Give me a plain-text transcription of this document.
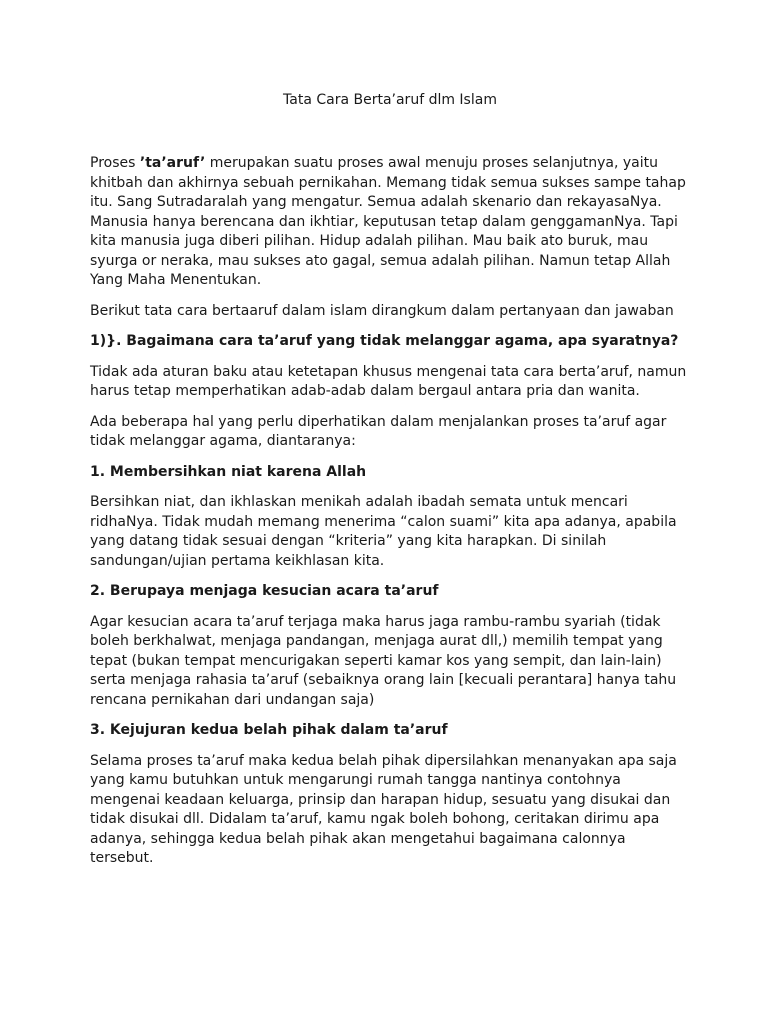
Tata Cara Berta’aruf dlm Islam

Proses ’ta’aruf’ merupakan suatu proses awal menuju proses selanjutnya, yaitu khitbah dan akhirnya sebuah pernikahan. Memang tidak semua sukses sampe tahap itu. Sang Sutradaralah yang mengatur. Semua adalah skenario dan rekayasaNya. Manusia hanya berencana dan ikhtiar, keputusan tetap dalam genggamanNya. Tapi kita manusia juga diberi pilihan. Hidup adalah pilihan. Mau baik ato buruk, mau syurga or neraka, mau sukses ato gagal, semua adalah pilihan. Namun tetap Allah Yang Maha Menentukan.

Berikut tata cara bertaaruf dalam islam dirangkum dalam pertanyaan dan jawaban

1)}. Bagaimana cara ta’aruf yang tidak melanggar agama, apa syaratnya?

Tidak ada aturan baku atau ketetapan khusus mengenai tata cara berta’aruf, namun harus tetap memperhatikan adab-adab dalam bergaul antara pria dan wanita.

Ada beberapa hal yang perlu diperhatikan dalam menjalankan proses ta’aruf agar tidak melanggar agama, diantaranya:

1. Membersihkan niat karena Allah

Bersihkan niat, dan ikhlaskan menikah adalah ibadah semata untuk mencari ridhaNya. Tidak mudah memang menerima “calon suami” kita apa adanya, apabila yang datang tidak sesuai dengan “kriteria” yang kita harapkan. Di sinilah sandungan/ujian pertama keikhlasan kita.

2. Berupaya menjaga kesucian acara ta’aruf

Agar kesucian acara ta’aruf terjaga maka harus jaga rambu-rambu syariah (tidak boleh berkhalwat, menjaga pandangan, menjaga aurat dll,) memilih tempat yang tepat (bukan tempat mencurigakan seperti kamar kos yang sempit, dan lain-lain) serta menjaga rahasia ta’aruf (sebaiknya orang lain [kecuali perantara] hanya tahu rencana pernikahan dari undangan saja)

3. Kejujuran kedua belah pihak dalam ta’aruf

Selama proses ta’aruf maka kedua belah pihak dipersilahkan menanyakan apa saja yang kamu butuhkan untuk mengarungi rumah tangga nantinya contohnya mengenai keadaan keluarga, prinsip dan harapan hidup, sesuatu yang disukai dan tidak disukai dll. Didalam ta’aruf, kamu ngak boleh bohong, ceritakan dirimu apa adanya, sehingga kedua belah pihak akan mengetahui bagaimana calonnya tersebut.
